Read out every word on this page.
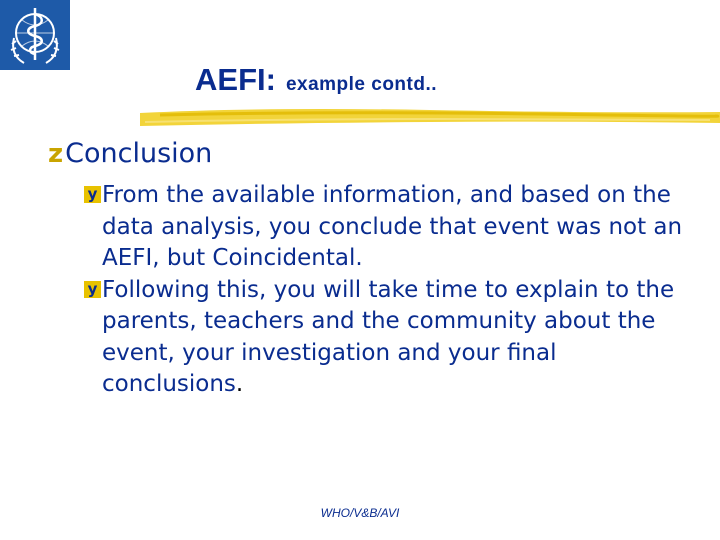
AEFI: example contd..
zConclusion
y From the available information, and based on the data analysis, you conclude that event was not an AEFI, but Coincidental.
y Following this, you will take time to explain to the parents, teachers and the community about the event, your investigation and your final conclusions.
WHO/V&B/AVI
